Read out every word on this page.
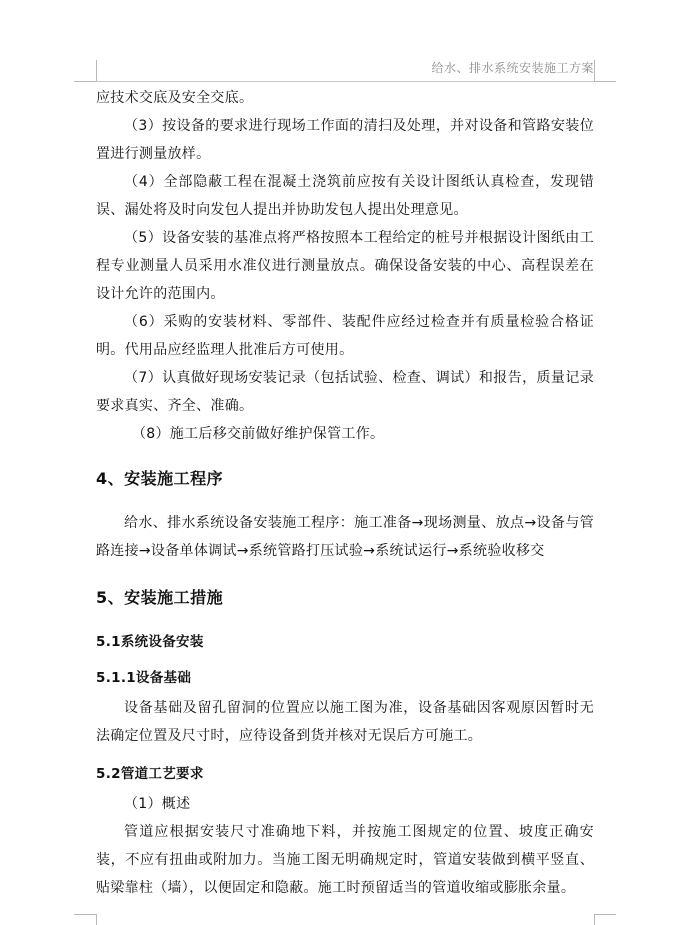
给水、排水系统安装施工方案

应技术交底及安全交底。

（3）按设备的要求进行现场工作面的清扫及处理，并对设备和管路安装位置进行测量放样。

（4）全部隐蔽工程在混凝土浇筑前应按有关设计图纸认真检查，发现错误、漏处将及时向发包人提出并协助发包人提出处理意见。

（5）设备安装的基准点将严格按照本工程给定的桩号并根据设计图纸由工程专业测量人员采用水准仪进行测量放点。确保设备安装的中心、高程误差在设计允许的范围内。

（6）采购的安装材料、零部件、装配件应经过检查并有质量检验合格证明。代用品应经监理人批准后方可使用。

（7）认真做好现场安装记录（包括试验、检查、调试）和报告，质量记录要求真实、齐全、准确。

（8）施工后移交前做好维护保管工作。

4、安装施工程序

给水、排水系统设备安装施工程序：施工准备→现场测量、放点→设备与管路连接→设备单体调试→系统管路打压试验→系统试运行→系统验收移交

5、安装施工措施
5.1系统设备安装
5.1.1设备基础

设备基础及留孔留洞的位置应以施工图为准，设备基础因客观原因暂时无法确定位置及尺寸时，应待设备到货并核对无误后方可施工。

5.2管道工艺要求

（1）概述

管道应根据安装尺寸准确地下料，并按施工图规定的位置、坡度正确安装，不应有扭曲或附加力。当施工图无明确规定时，管道安装做到横平竖直、贴梁靠柱（墙），以便固定和隐蔽。施工时预留适当的管道收缩或膨胀余量。
